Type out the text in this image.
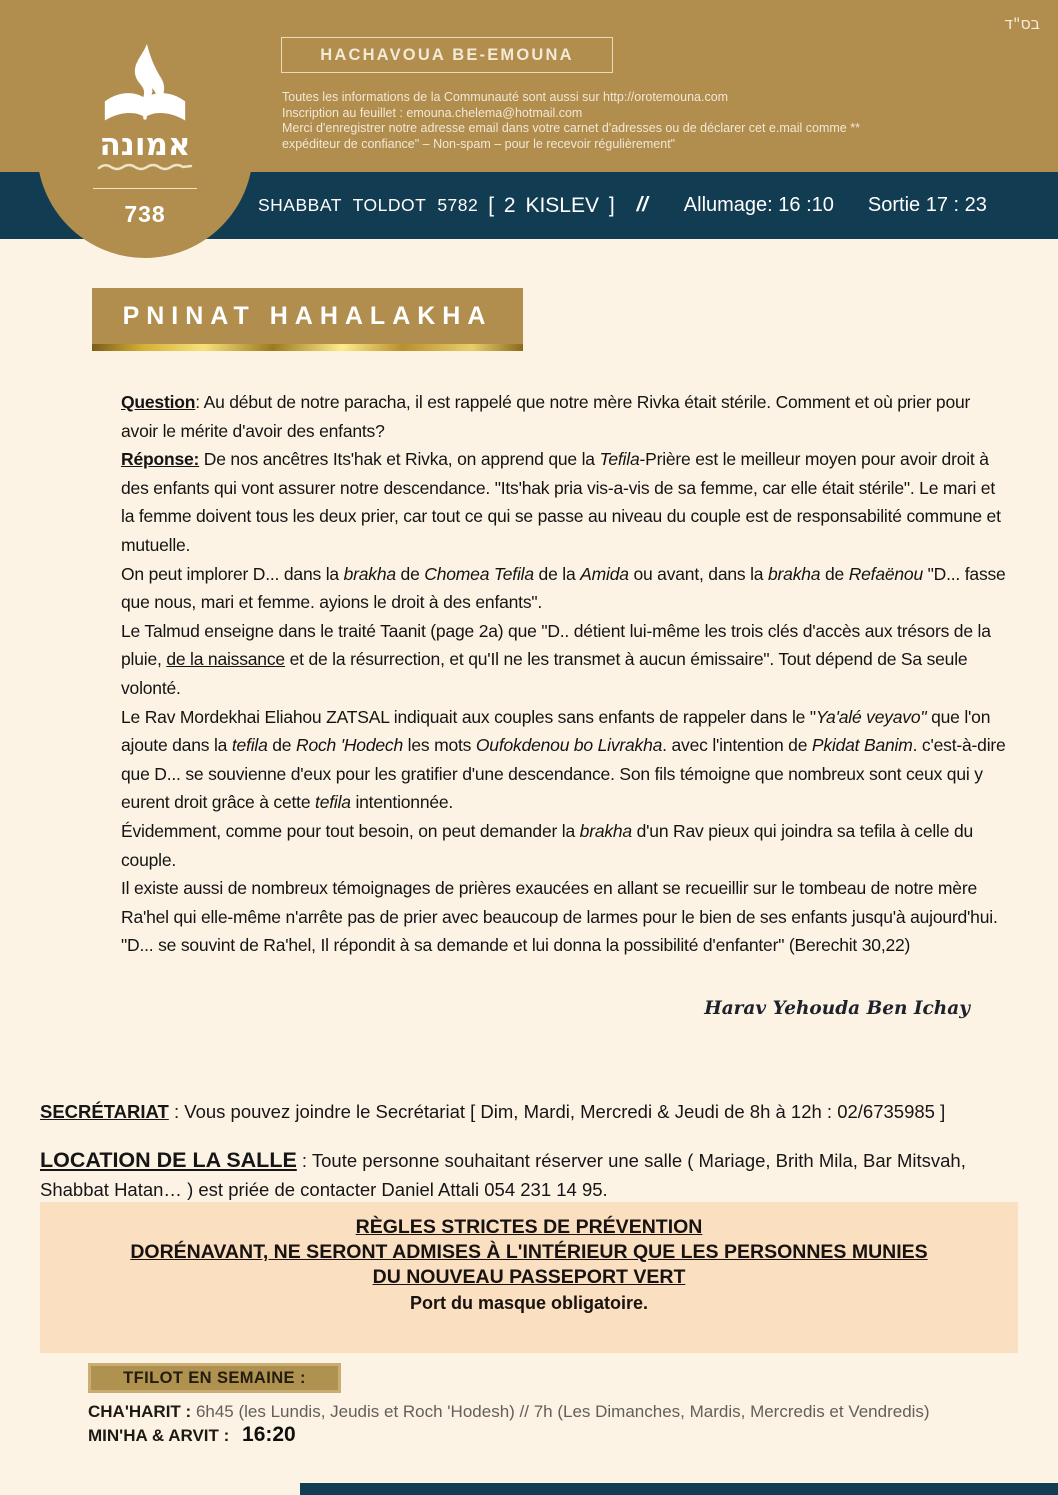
בס"ד
HACHAVOUA BE-EMOUNA
Toutes les informations de la Communauté sont aussi sur http://orotemouna.com
Inscription au feuillet : emouna.chelema@hotmail.com
Merci d'enregistrer notre adresse email dans votre carnet d'adresses ou de déclarer cet e.mail comme **
expéditeur de confiance" – Non-spam – pour le recevoir régulièrement"
אמונה
738	SHABBAT TOLDOT 5782 [ 2 KISLEV ] // Allumage: 16 :10 Sortie 17 : 23
PNINAT HAHALAKHA
Question: Au début de notre paracha, il est rappelé que notre mère Rivka était stérile. Comment et où prier pour avoir le mérite d'avoir des enfants?
Réponse: De nos ancêtres Its'hak et Rivka, on apprend que la Tefila-Prière est le meilleur moyen pour avoir droit à des enfants qui vont assurer notre descendance. "Its'hak pria vis-a-vis de sa femme, car elle était stérile". Le mari et la femme doivent tous les deux prier, car tout ce qui se passe au niveau du couple est de responsabilité commune et mutuelle.
On peut implorer D... dans la brakha de Chomea Tefila de la Amida ou avant, dans la brakha de Refaënou "D... fasse que nous, mari et femme. ayions le droit à des enfants".
Le Talmud enseigne dans le traité Taanit (page 2a) que "D.. détient lui-même les trois clés d'accès aux trésors de la pluie, de la naissance et de la résurrection, et qu'Il ne les transmet à aucun émissaire". Tout dépend de Sa seule volonté.
Le Rav Mordekhai Eliahou ZATSAL indiquait aux couples sans enfants de rappeler dans le "Ya'alé veyavo" que l'on ajoute dans la tefila de Roch 'Hodech les mots Oufokdenou bo Livrakha. avec l'intention de Pkidat Banim. c'est-à-dire que D... se souvienne d'eux pour les gratifier d'une descendance. Son fils témoigne que nombreux sont ceux qui y eurent droit grâce à cette tefila intentionnée.
Évidemment, comme pour tout besoin, on peut demander la brakha d'un Rav pieux qui joindra sa tefila à celle du couple.
Il existe aussi de nombreux témoignages de prières exaucées en allant se recueillir sur le tombeau de notre mère Ra'hel qui elle-même n'arrête pas de prier avec beaucoup de larmes pour le bien de ses enfants jusqu'à aujourd'hui. "D... se souvint de Ra'hel, Il répondit à sa demande et lui donna la possibilité d'enfanter" (Berechit 30,22)
Harav Yehouda Ben Ichay
SECRÉTARIAT : Vous pouvez joindre le Secrétariat [ Dim, Mardi, Mercredi & Jeudi de 8h à 12h : 02/6735985 ]
LOCATION DE LA SALLE : Toute personne souhaitant réserver une salle ( Mariage, Brith Mila, Bar Mitsvah, Shabbat Hatan… ) est priée de contacter Daniel Attali 054 231 14 95.
RÈGLES STRICTES DE PRÉVENTION
DORÉNAVANT, NE SERONT ADMISES À L'INTÉRIEUR QUE LES PERSONNES MUNIES
DU NOUVEAU PASSEPORT VERT
Port du masque obligatoire.
TFILOT EN SEMAINE :
CHA'HARIT : 6h45 (les Lundis, Jeudis et Roch 'Hodesh) // 7h (Les Dimanches, Mardis, Mercredis et Vendredis)
MIN'HA & ARVIT : 16:20
